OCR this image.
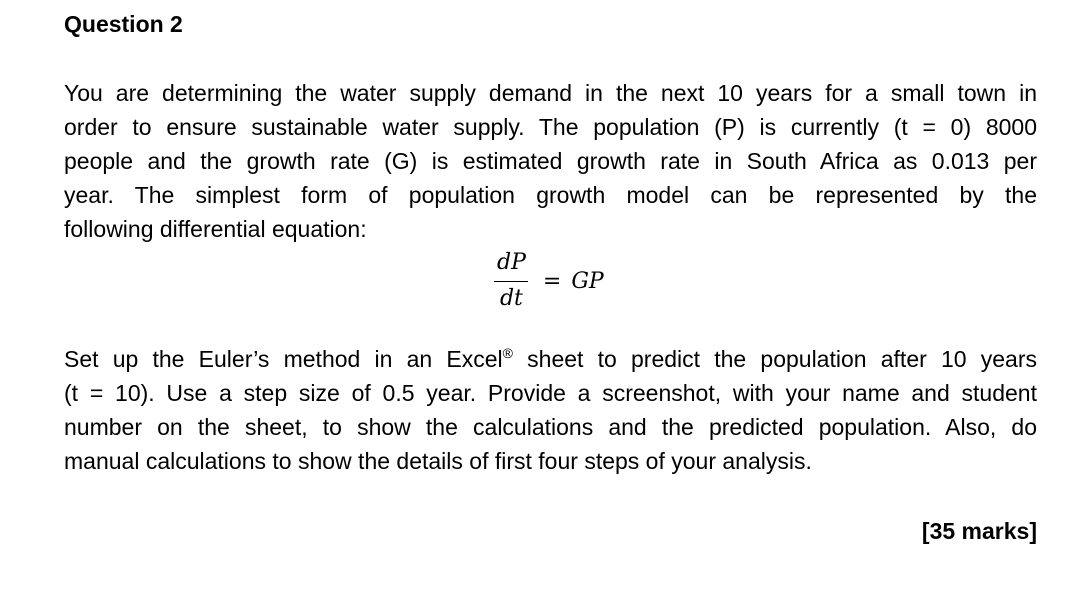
Question 2

You are determining the water supply demand in the next 10 years for a small town in
order to ensure sustainable water supply. The population (P) is currently (t = 0) 8000
people and the growth rate (G) is estimated growth rate in South Africa as 0.013 per
year. The simplest form of population growth model can be represented by the
following differential equation:

$\frac{dP}{dt}$ = GP

Set up the Euler’s method in an Excel® sheet to predict the population after 10 years
(t = 10). Use a step size of 0.5 year. Provide a screenshot, with your name and student
number on the sheet, to show the calculations and the predicted population. Also, do
manual calculations to show the details of first four steps of your analysis.

[35 marks]
